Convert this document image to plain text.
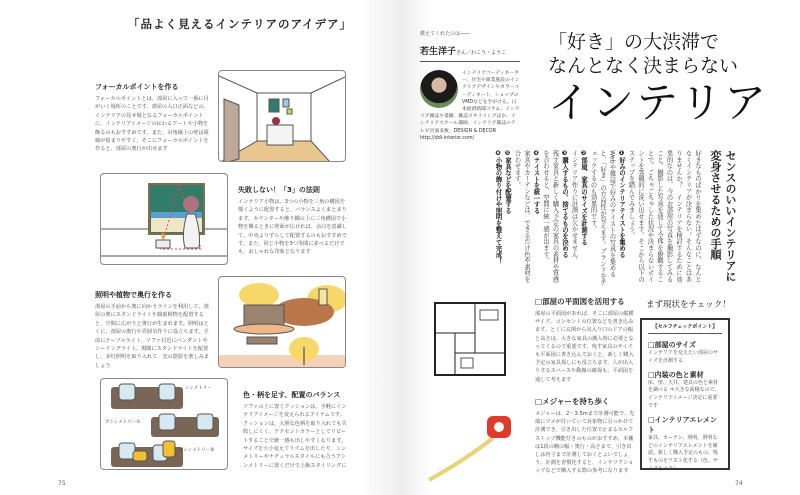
「品よく見えるインテリアのアイデア」
フォーカルポイントを作る
フォーカルポイントとは、部屋に入って一番に目がいく場所のことです。部屋の入口正面などの、インテリアの見せ場となるフォーカルポイントに、インテリアイメージの伝わるアートや小物を飾るのもおすすめです。また、対角線上の壁は視線が留まりやすく、そこにフォーカルポイントを作ると、部屋の奥行が出せます
失敗しない！「3」の法則
インテリア小物は、3つの小物を三角の構図を描くように配置すると、バランスよくまとまります。カウンターや飾り棚の上に三角構図で小物を飾るときに壁面が広ければ、余白を意識して、中央よりずらして配置するのもおすすめです。また、同じ小物を3つ等間に並べるだけでも、おしゃれな印象となります
照明や植物で奥行を作る
部屋の手前から奥に向かうラインを利用して、部屋の奥にスタンドライトや観葉植物を配置すると、空間に広がりと奥行が生まれます。照明はとくに、部屋の奥行や雰囲気作りに役立ちます。手前にテーブルライト、ソファ付近にペンダントやシーリングライト、奥隅にスタンドライトを配置し、多灯照明を取り入れて、光の陰影を楽しみましょう
シンメトリー
アシンメトリー①
アシンメトリー②
色・柄を足す、配置のバランス
ソファの上に置くクッションは、手軽にインテリアイメージを変えられるアイテムです。クッションは、大胆な色柄を取り入れても失敗しにくく、アクセントカラーとしてリピートすることで統一感も出しやすくなります。サイズを大小変えてリズムを出したり、シンメトリーやナチュラルスタイルにも合うアシンメトリーに置くだけで上級スタイリングに
75
教えてくれたのは――
若生洋子さん／わこう・ようこ
インテリアコーディネーター。住宅や商業施設のインテリアデザインやカラーコーディネート、ショップのVMDなどを手がける。日本経済新聞コラム、インテリア雑誌や書籍、雑誌スタイリングほか、インテリアスクール講師、インテリア雑誌のテレビ出演多数。DESIGN & DECOR http://ddi-interior.com/
「好き」の大渋滞で
なんとなく決まらない
インテリア
センスのいいインテリアに変身させるための手順

好きなものばかりを集めたはずなのに、なんとなくインテリアが決まらない。そんなことはありませんか？　インテリアを検討するために効果的なのは、今のお部屋の写真を撮影してみること。撮影した写真を通して全体を俯瞰することで、ごちゃごちゃした状況や決まらないポイントを客観的に洗い出せます。そこから以下のステップを踏んでみましょう。

❶好みのインテリアテイストを集める

Webや雑誌で好みのテイストの写真を集めると、「好き」の方向性が見えます。ブランドをチェックするのも効果的です。

❷部屋、家具のサイズを計測する

インテリア作りに計測は欠かせません。

❸購入するもの、捨てるものを決める

残す家具と新しく購入予定の家具の素材や質感を合わせると、空間に統一感が出ます。

❹テイストを統一する

家具やカーテンなどは、できるだけ色や素材を合わせます。

❺家具などを配置する

❻小物の飾り付けや照明を整えて完成！

□部屋の平面図を活用する
部屋の平面図があれば、そこに部屋の縦横サイズ、コンセントの位置などを書き込みます。とくに玄関から出入り口のドアの幅と高さは、大きな家具の搬入時に必要となってくるので重要です。残す家具のサイズも平面図に書き込んでおくと、新しく購入予定の家具探しにも役立ちます。人が出入りするスペースや動線の確保も、平面図を通して考えます
□メジャーを持ち歩く
メジャーは、2〜3.5mまで計測可能で、先端にツメが付いていて対象物に引っかけて計測でき、引き出した位置で止まるセルフストップ機能付きのものがおすすめ。本棚は1段の棚の幅・奥行・高さまで、引き出しは内寸まで計測しておくとよいでしょう。計測を習慣化すると、インテリアショップなどで購入する際の参考になります
まず現状をチェック！
【セルフチェックポイント】
□部屋のサイズ
インテリアを変えたい部屋のサイズを計測する
□内装の色と素材
床、壁、天井、建具の色と素材を調べる ＊大きな面積なので、インテリアイメージ決定に重要です
□インテリアエレメント
家具、カーテン、照明、照明などのインテリアエレメントを確認。新しく購入予定のもの、残すものをリスト化する（色、サイズもメモ）
74
